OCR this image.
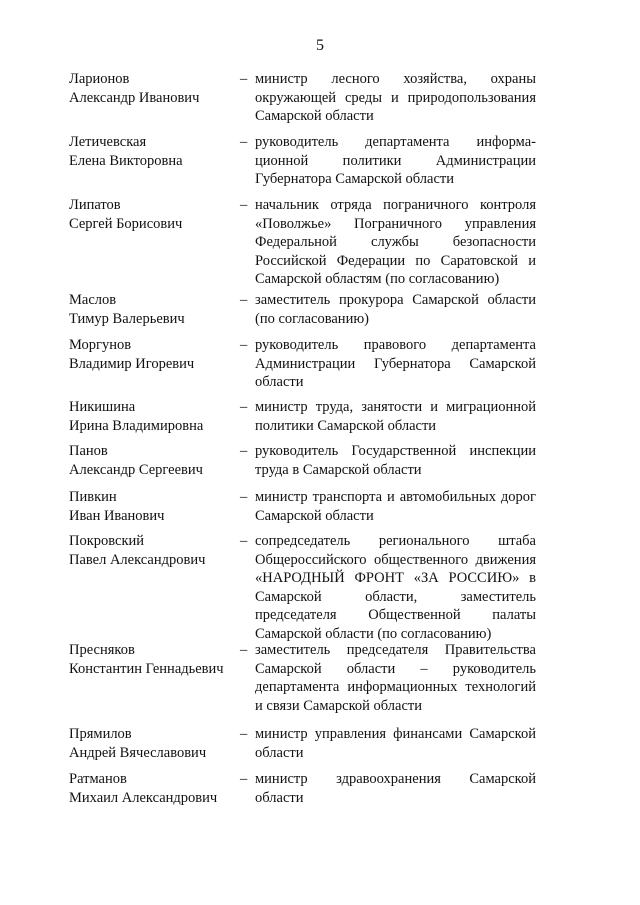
5
Ларионов
Александр Иванович
– министр лесного хозяйства, охраны окружающей среды и природопользования Самарской области
Летичевская
Елена Викторовна
– руководитель департамента информа-ционной политики Администрации Губернатора Самарской области
Липатов
Сергей Борисович
– начальник отряда пограничного контроля «Поволжье» Пограничного управления Федеральной службы безопасности Российской Федерации по Саратовской и Самарской областям (по согласованию)
Маслов
Тимур Валерьевич
– заместитель прокурора Самарской области (по согласованию)
Моргунов
Владимир Игоревич
– руководитель правового департамента Администрации Губернатора Самарской области
Никишина
Ирина Владимировна
– министр труда, занятости и миграционной политики Самарской области
Панов
Александр Сергеевич
– руководитель Государственной инспекции труда в Самарской области
Пивкин
Иван Иванович
– министр транспорта и автомобильных дорог Самарской области
Покровский
Павел Александрович
– сопредседатель регионального штаба Общероссийского общественного движения «НАРОДНЫЙ ФРОНТ «ЗА РОССИЮ» в Самарской области, заместитель председателя Общественной палаты Самарской области (по согласованию)
Пресняков
Константин Геннадьевич
– заместитель председателя Правительства Самарской области – руководитель департамента информационных технологий и связи Самарской области
Прямилов
Андрей Вячеславович
– министр управления финансами Самарской области
Ратманов
Михаил Александрович
– министр здравоохранения Самарской области
